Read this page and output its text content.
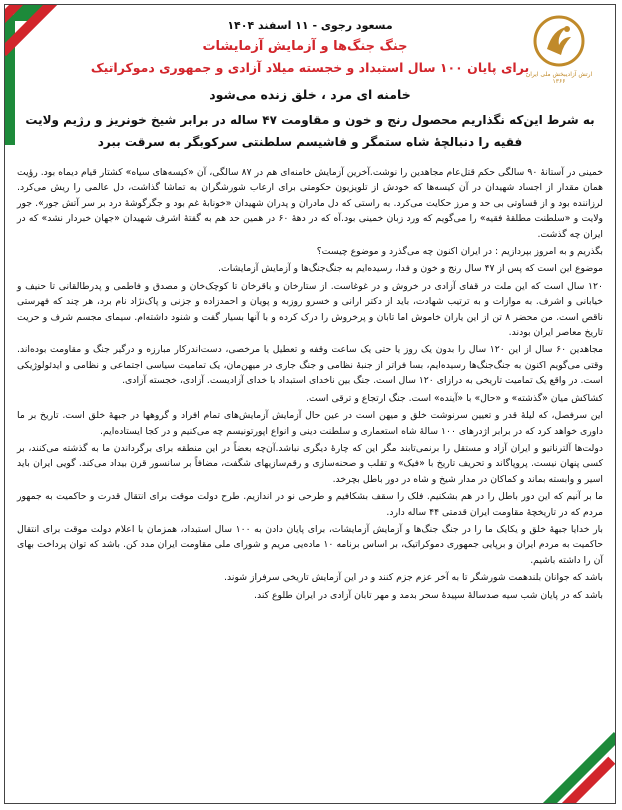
ارتش آزادیبخش ملی ایران
۱۳۶۶
مسعود رجوی - ۱۱ اسفند ۱۴۰۴
جنگ جنگ‌ها و آزمایش آزمایشات
برای پایان ۱۰۰ سال استبداد و خجسته میلاد آزادی و جمهوری دموکراتیک
خامنه ای مرد ، خلق زنده می‌شود
به شرط این‌که نگذاریم محصول رنج و خون و مقاومت ۴۷ ساله در برابر شیخ خونریز و رژیم ولایت فقیه را دنبالچهٔ شاه ستمگر و فاشیسم سلطنتی سرکوبگر به سرقت ببرد

خمینی در آستانهٔ ۹۰ سالگی حکم قتل‌عام مجاهدین را نوشت.آخرین آزمایش خامنه‌ای هم در ۸۷ سالگی، آن «کیسه‌های سیاه» کشتار قیام دیماه بود. رؤیت همان مقدار از اجساد شهیدان در آن کیسه‌ها که خودش از تلویزیون حکومتی برای ارعاب شورشگران به تماشا گذاشت، دل عالمی را ریش می‌کرد. لرزاننده بود و از قساوتی بی حد و مرز حکایت می‌کرد. به راستی که دل مادران و پدران شهیدان «خونابهٔ غم بود و جگرگوشهٔ درد بر سر آتش جور». جور ولایت و «سلطنت مطلقهٔ فقیه» را می‌گویم که ورد زبان خمینی بود.آه که در دههٔ ۶۰ در همین حد هم به گفتهٔ اشرف شهیدان «جهان خبردار نشد» که در ایران چه گذشت.

بگذریم و به امروز بپردازیم : در ایران اکنون چه می‌گذرد و موضوع چیست؟

موضوع این است که پس از ۴۷ سال رنج و خون و فدا، رسیده‌ایم به جنگ‌جنگ‌ها و آزمایش آزمایشات.

۱۲۰ سال است که این ملت در قفای آزادی در خروش و در غوغاست. از ستارخان و باقرخان تا کوچک‌خان و مصدق و فاطمی و پدرطالقانی تا حنیف و خیابانی و اشرف. به موازات و به ترتیب شهادت، باید از دکتر ارانی و خسرو روزبه و پویان و احمدزاده و جزنی و پاک‌نژاد نام برد، هر چند که فهرستی ناقص است. من محضر ۸ تن از این یاران خاموش اما تابان و پرخروش را درک کرده و با آنها بسیار گفت و شنود داشته‌ام. سیمای مجسم شرف و حریت تاریخ معاصر ایران بودند.

مجاهدین ۶۰ سال از این ۱۲۰ سال را بدون یک روز یا حتی یک ساعت وقفه و تعطیل یا مرخصی، دست‌اندرکار مبارزه و درگیر جنگ و مقاومت بوده‌اند. وقتی می‌گویم اکنون به جنگ‌جنگ‌ها رسیده‌ایم، بسا فراتر از جنبهٔ نظامی و جنگ جاری در میهن‌مان، یک تمامیت سیاسی اجتماعی و نظامی و ایدئولوژیکی است. در واقع یک تمامیت تاریخی به درازای ۱۲۰ سال است. جنگ بین ناخدای استبداد با خدای آزادیست. آزادی، خجسته آزادی.

کشاکش میان «گذشته» و «حال» با «آینده» است. جنگ ارتجاع و ترقی است.

این سرفصل، که لیلهٔ قدر و تعیین سرنوشت خلق و میهن است در عین حال آزمایش آزمایش‌های تمام افراد و گروهها در جبههٔ خلق است. تاریخ بر ما داوری خواهد کرد که در برابر اژدرهای ۱۰۰ سالهٔ شاه استعماری و سلطنت دینی و انواع اپورتونیسم چه می‌کنیم و در کجا ایستاده‌ایم.

دولت‌ها آلترناتیو و ایران آزاد و مستقل را برنمی‌تابند مگر این که چارهٔ دیگری نباشد.آن‌چه بعضاً در این منطقه برای برگرداندن ما به گذشته می‌کنند، بر کسی پنهان نیست. پروپاگاند و تحریف تاریخ با «فیک» و تقلب و صحنه‌سازی و رقم‌سازیهای شگفت، مضافاً بر سانسور قرن بیداد می‌کند. گویی ایران باید اسیر و وابسته بماند و کماکان در مدار شیخ و شاه در دور باطل بچرخد.

ما بر آنیم که این دور باطل را در هم بشکنیم. فلک را سقف بشکافیم و طرحی نو در اندازیم. طرح دولت موقت برای انتقال قدرت و حاکمیت به جمهور مردم که در تاریخچهٔ مقاومت ایران قدمتی ۴۴ ساله دارد.

بار خدایا جبههٔ خلق و یکایک ما را در جنگ جنگ‌ها و آزمایش آزمایشات، برای پایان دادن به ۱۰۰ سال استبداد، همزمان با اعلام دولت موقت برای انتقال حاکمیت به مردم ایران و برپایی جمهوری دموکراتیک، بر اساس برنامه ۱۰ ماده‌یی مریم و شورای ملی مقاومت ایران مدد کن. باشد که توان پرداخت بهای آن را داشته باشیم.

باشد که جوانان بلندهمت شورشگر تا به آخر عزم جزم کنند و در این آزمایش تاریخی سرفراز شوند.

باشد که در پایان شب سیه صدسالهٔ سپیدهٔ سحر بدمد و مهر تابان آزادی در ایران طلوع کند.
